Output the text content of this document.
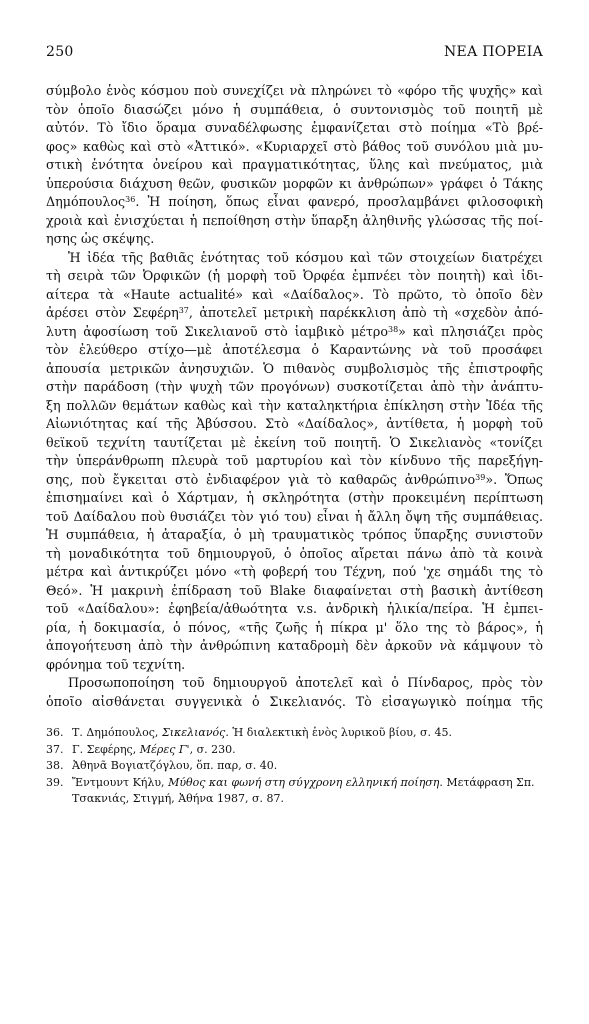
250	ΝΕΑ ΠΟΡΕΙΑ
σύμβολο ἑνὸς κόσμου ποὺ συνεχίζει νὰ πληρώνει τὸ «φόρο τῆς ψυχῆς» καὶ
τὸν ὁποῖο διασώζει μόνο ἡ συμπάθεια, ὁ συντονισμὸς τοῦ ποιητῆ μὲ
αὐτόν. Τὸ ἴδιο ὅραμα συναδέλφωσης ἐμφανίζεται στὸ ποίημα «Τὸ βρέ-
φος» καθὼς καὶ στὸ «Ἀττικό». «Κυριαρχεῖ στὸ βάθος τοῦ συνόλου μιὰ μυ-
στικὴ ἑνότητα ὀνείρου καὶ πραγματικότητας, ὕλης καὶ πνεύματος, μιὰ
ὑπερούσια διάχυση θεῶν, φυσικῶν μορφῶν κι ἀνθρώπων» γράφει ὁ Τάκης
Δημόπουλος$^{36}$. Ἡ ποίηση, ὅπως εἶναι φανερό, προσλαμβάνει φιλοσοφικὴ
χροιὰ καὶ ἐνισχύεται ἡ πεποίθηση στὴν ὕπαρξη ἀληθινῆς γλώσσας τῆς ποί-
ησης ὡς σκέψης.
Ἡ ἰδέα τῆς βαθιᾶς ἑνότητας τοῦ κόσμου καὶ τῶν στοιχείων διατρέχει
τὴ σειρὰ τῶν Ὀρφικῶν (ἡ μορφὴ τοῦ Ὀρφέα ἐμπνέει τὸν ποιητὴ) καὶ ἰδι-
αίτερα τὰ «Haute actualité» καὶ «Δαίδαλος». Τὸ πρῶτο, τὸ ὁποῖο δὲν
ἀρέσει στὸν Σεφέρη$^{37}$, ἀποτελεῖ μετρικὴ παρέκκλιση ἀπὸ τὴ «σχεδὸν ἀπό-
λυτη ἀφοσίωση τοῦ Σικελιανοῦ στὸ ἰαμβικὸ μέτρο$^{38}$» καὶ πλησιάζει πρὸς
τὸν ἐλεύθερο στίχο—μὲ ἀποτέλεσμα ὁ Καραντώνης νὰ τοῦ προσάφει
ἀπουσία μετρικῶν ἀνησυχιῶν. Ὁ πιθανὸς συμβολισμὸς τῆς ἐπιστροφῆς
στὴν παράδοση (τὴν ψυχὴ τῶν προγόνων) συσκοτίζεται ἀπὸ τὴν ἀνάπτυ-
ξη πολλῶν θεμάτων καθὼς καὶ τὴν καταληκτήρια ἐπίκληση στὴν Ἰδέα τῆς
Αἰωνιότητας καί τῆς Ἀβύσσου. Στὸ «Δαίδαλος», ἀντίθετα, ἡ μορφὴ τοῦ
θεϊκοῦ τεχνίτη ταυτίζεται μὲ ἐκείνη τοῦ ποιητῆ. Ὁ Σικελιανὸς «τονίζει
τὴν ὑπεράνθρωπη πλευρὰ τοῦ μαρτυρίου καὶ τὸν κίνδυνο τῆς παρεξήγη-
σης, ποὺ ἔγκειται στὸ ἐνδιαφέρον γιὰ τὸ καθαρῶς ἀνθρώπινο$^{39}$». Ὅπως
ἐπισημαίνει καὶ ὁ Χάρτμαν, ἡ σκληρότητα (στὴν προκειμένη περίπτωση
τοῦ Δαίδαλου ποὺ θυσιάζει τὸν γιό του) εἶναι ἡ ἄλλη ὄψη τῆς συμπάθειας.
Ἡ συμπάθεια, ἡ ἀταραξία, ὁ μὴ τραυματικὸς τρόπος ὕπαρξης συνιστοῦν
τὴ μοναδικότητα τοῦ δημιουργοῦ, ὁ ὁποῖος αἴρεται πάνω ἀπὸ τὰ κοινὰ
μέτρα καὶ ἀντικρύζει μόνο «τὴ φοβερή του Τέχνη, πού 'χε σημάδι της τὸ
Θεό». Ἡ μακρινὴ ἐπίδραση τοῦ Blake διαφαίνεται στὴ βασικὴ ἀντίθεση
τοῦ «Δαίδαλου»: ἐφηβεία/ἀθωότητα v.s. ἀνδρικὴ ἡλικία/πείρα. Ἡ ἐμπει-
ρία, ἡ δοκιμασία, ὁ πόνος, «τῆς ζωῆς ἡ πίκρα μ' ὅλο της τὸ βάρος», ἡ
ἀπογοήτευση ἀπὸ τὴν ἀνθρώπινη καταδρομὴ δὲν ἀρκοῦν νὰ κάμψουν τὸ
φρόνημα τοῦ τεχνίτη.
Προσωποποίηση τοῦ δημιουργοῦ ἀποτελεῖ καὶ ὁ Πίνδαρος, πρὸς τὸν
ὁποῖο αἰσθάνεται συγγενικὰ ὁ Σικελιανός. Τὸ εἰσαγωγικὸ ποίημα τῆς
36. Τ. Δημόπουλος, Σικελιανός. Ἡ διαλεκτικὴ ἑνὸς λυρικοῦ βίου, σ. 45.
37. Γ. Σεφέρης, Μέρες Γ', σ. 230.
38. Ἀθηνᾶ Βογιατζόγλου, ὅπ. παρ, σ. 40.
39. Ἔντμουντ Κήλυ, Μύθος και φωνή στη σύγχρονη ελληνική ποίηση. Μετάφραση Σπ.
Τσακνιάς, Στιγμή, Ἀθήνα 1987, σ. 87.
